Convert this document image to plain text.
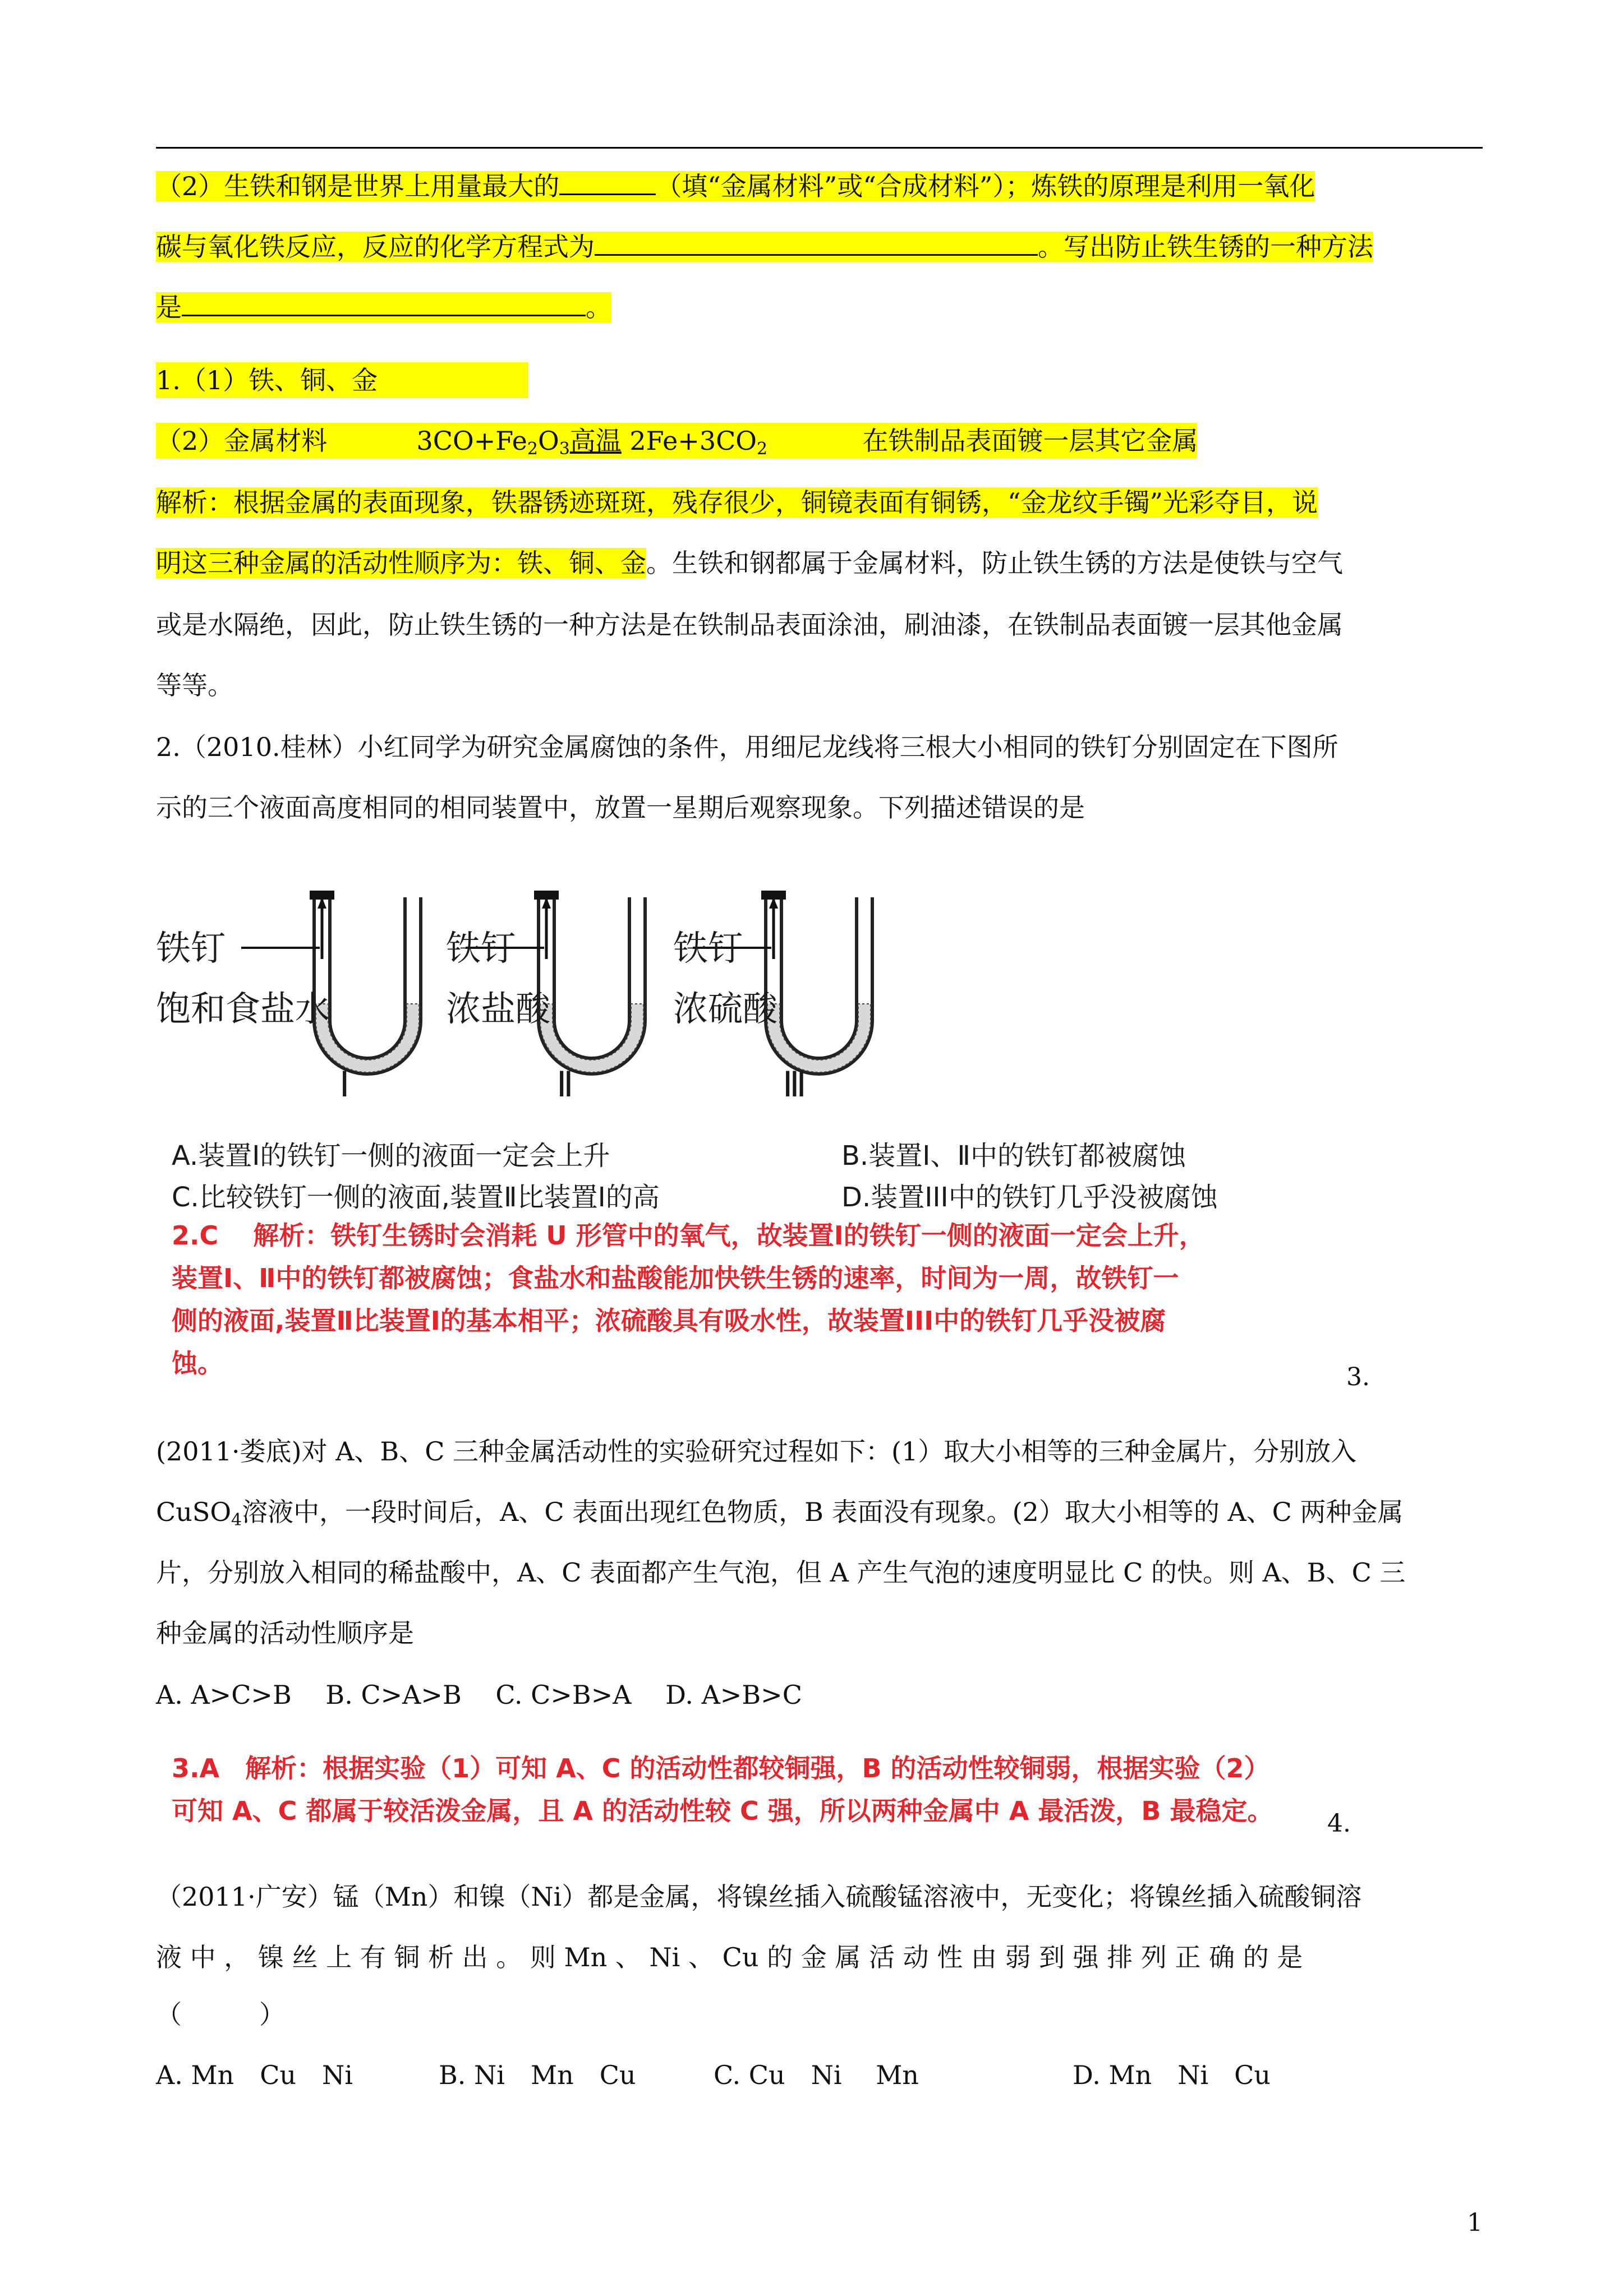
（2）生铁和钢是世界上用量最大的	（填“金属材料”或“合成材料”）；炼铁的原理是利用一氧化
碳与氧化铁反应，反应的化学方程式为	。写出防止铁生锈的一种方法
是	。
1.（1）铁、铜、金
（2）金属材料	$3CO+Fe_2O_3$高温 $2Fe+3CO_2$	在铁制品表面镀一层其它金属
解析：根据金属的表面现象，铁器锈迹斑斑，残存很少，铜镜表面有铜锈，“金龙纹手镯”光彩夺目，说
明这三种金属的活动性顺序为：铁、铜、金。生铁和钢都属于金属材料，防止铁生锈的方法是使铁与空气
或是水隔绝，因此，防止铁生锈的一种方法是在铁制品表面涂油，刷油漆，在铁制品表面镀一层其他金属
等等。
2.（2010.桂林）小红同学为研究金属腐蚀的条件，用细尼龙线将三根大小相同的铁钉分别固定在下图所
示的三个液面高度相同的相同装置中，放置一星期后观察现象。下列描述错误的是
铁钉
饱和食盐水
Ⅰ
铁钉
浓盐酸
Ⅱ
铁钉
浓硫酸
Ⅲ
A.装置Ⅰ的铁钉一侧的液面一定会上升	B.装置Ⅰ、Ⅱ中的铁钉都被腐蚀
C.比较铁钉一侧的液面,装置Ⅱ比装置Ⅰ的高	D.装置III中的铁钉几乎没被腐蚀
2.C　 解析：铁钉生锈时会消耗 U 形管中的氧气，故装置Ⅰ的铁钉一侧的液面一定会上升，
装置Ⅰ、Ⅱ中的铁钉都被腐蚀；食盐水和盐酸能加快铁生锈的速率，时间为一周，故铁钉一
侧的液面,装置Ⅱ比装置Ⅰ的基本相平；浓硫酸具有吸水性，故装置III中的铁钉几乎没被腐
蚀。	3.
(2011·娄底)对 A、B、C 三种金属活动性的实验研究过程如下：(1）取大小相等的三种金属片，分别放入
CuSO$_4$溶液中，一段时间后，A、C 表面出现红色物质，B 表面没有现象。(2）取大小相等的 A、C 两种金属
片，分别放入相同的稀盐酸中，A、C 表面都产生气泡，但 A 产生气泡的速度明显比 C 的快。则 A、B、C 三
种金属的活动性顺序是
A. A>C>B　 B. C>A>B　 C. C>B>A　 D. A>B>C
3.A　解析：根据实验（1）可知 A、C 的活动性都较铜强，B 的活动性较铜弱，根据实验（2）
可知 A、C 都属于较活泼金属，且 A 的活动性较 C 强，所以两种金属中 A 最活泼，B 最稳定。 4.
（2011·广安）锰（Mn）和镍（Ni）都是金属，将镍丝插入硫酸锰溶液中，无变化；将镍丝插入硫酸铜溶
液 中 ， 镍 丝 上 有 铜 析 出 。 则 Mn 、 Ni 、 Cu 的 金 属 活 动 性 由 弱 到 强 排 列 正 确 的 是
（　　　）
A. Mn　Cu　Ni	B. Ni　Mn　Cu	C. Cu　Ni　 Mn	D. Mn　Ni　Cu
1
